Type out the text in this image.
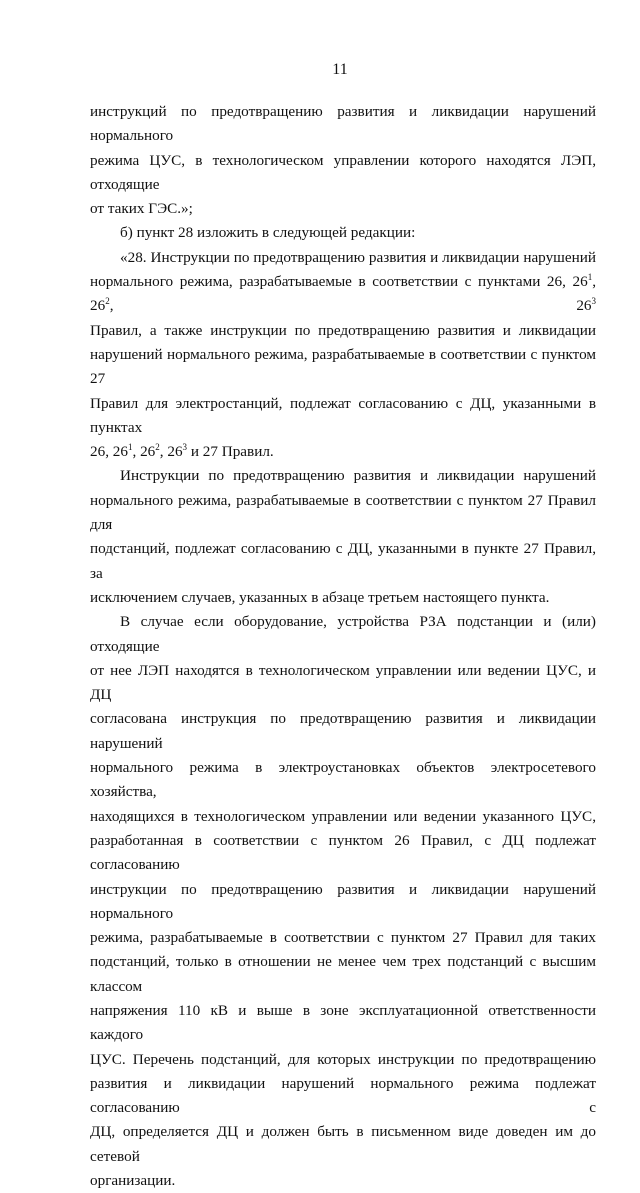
11
инструкций по предотвращению развития и ликвидации нарушений нормального
режима ЦУС, в технологическом управлении которого находятся ЛЭП, отходящие
от таких ГЭС.»;
б) пункт 28 изложить в следующей редакции:
«28. Инструкции по предотвращению развития и ликвидации нарушений
нормального режима, разрабатываемые в соответствии с пунктами 26, $26^1$, $26^2$, $26^3$
Правил, а также инструкции по предотвращению развития и ликвидации
нарушений нормального режима, разрабатываемые в соответствии с пунктом 27
Правил для электростанций, подлежат согласованию с ДЦ, указанными в пунктах
26, $26^1$, $26^2$, $26^3$ и 27 Правил.
Инструкции по предотвращению развития и ликвидации нарушений
нормального режима, разрабатываемые в соответствии с пунктом 27 Правил для
подстанций, подлежат согласованию с ДЦ, указанными в пункте 27 Правил, за
исключением случаев, указанных в абзаце третьем настоящего пункта.
В случае если оборудование, устройства РЗА подстанции и (или) отходящие
от нее ЛЭП находятся в технологическом управлении или ведении ЦУС, и ДЦ
согласована инструкция по предотвращению развития и ликвидации нарушений
нормального режима в электроустановках объектов электросетевого хозяйства,
находящихся в технологическом управлении или ведении указанного ЦУС,
разработанная в соответствии с пунктом 26 Правил, с ДЦ подлежат согласованию
инструкции по предотвращению развития и ликвидации нарушений нормального
режима, разрабатываемые в соответствии с пунктом 27 Правил для таких
подстанций, только в отношении не менее чем трех подстанций с высшим классом
напряжения 110 кВ и выше в зоне эксплуатационной ответственности каждого
ЦУС. Перечень подстанций, для которых инструкции по предотвращению
развития и ликвидации нарушений нормального режима подлежат согласованию с
ДЦ, определяется ДЦ и должен быть в письменном виде доведен им до сетевой
организации.
